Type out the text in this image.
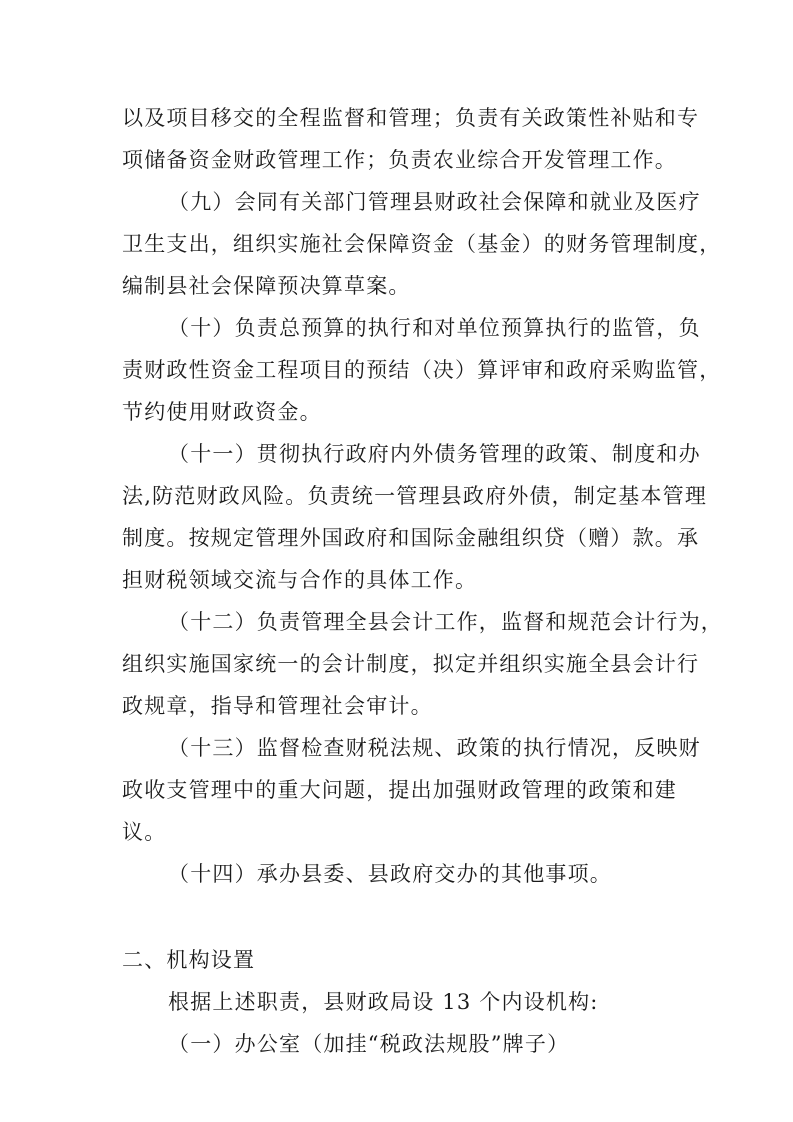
以及项目移交的全程监督和管理；负责有关政策性补贴和专
项储备资金财政管理工作；负责农业综合开发管理工作。
（九）会同有关部门管理县财政社会保障和就业及医疗
卫生支出，组织实施社会保障资金（基金）的财务管理制度，
编制县社会保障预决算草案。
（十）负责总预算的执行和对单位预算执行的监管，负
责财政性资金工程项目的预结（决）算评审和政府采购监管，
节约使用财政资金。
（十一）贯彻执行政府内外债务管理的政策、制度和办
法,防范财政风险。负责统一管理县政府外债，制定基本管理
制度。按规定管理外国政府和国际金融组织贷（赠）款。承
担财税领域交流与合作的具体工作。
（十二）负责管理全县会计工作，监督和规范会计行为，
组织实施国家统一的会计制度，拟定并组织实施全县会计行
政规章，指导和管理社会审计。
（十三）监督检查财税法规、政策的执行情况，反映财
政收支管理中的重大问题，提出加强财政管理的政策和建
议。
（十四）承办县委、县政府交办的其他事项。
二、机构设置
根据上述职责，县财政局设 13 个内设机构:
（一）办公室（加挂“税政法规股”牌子）
